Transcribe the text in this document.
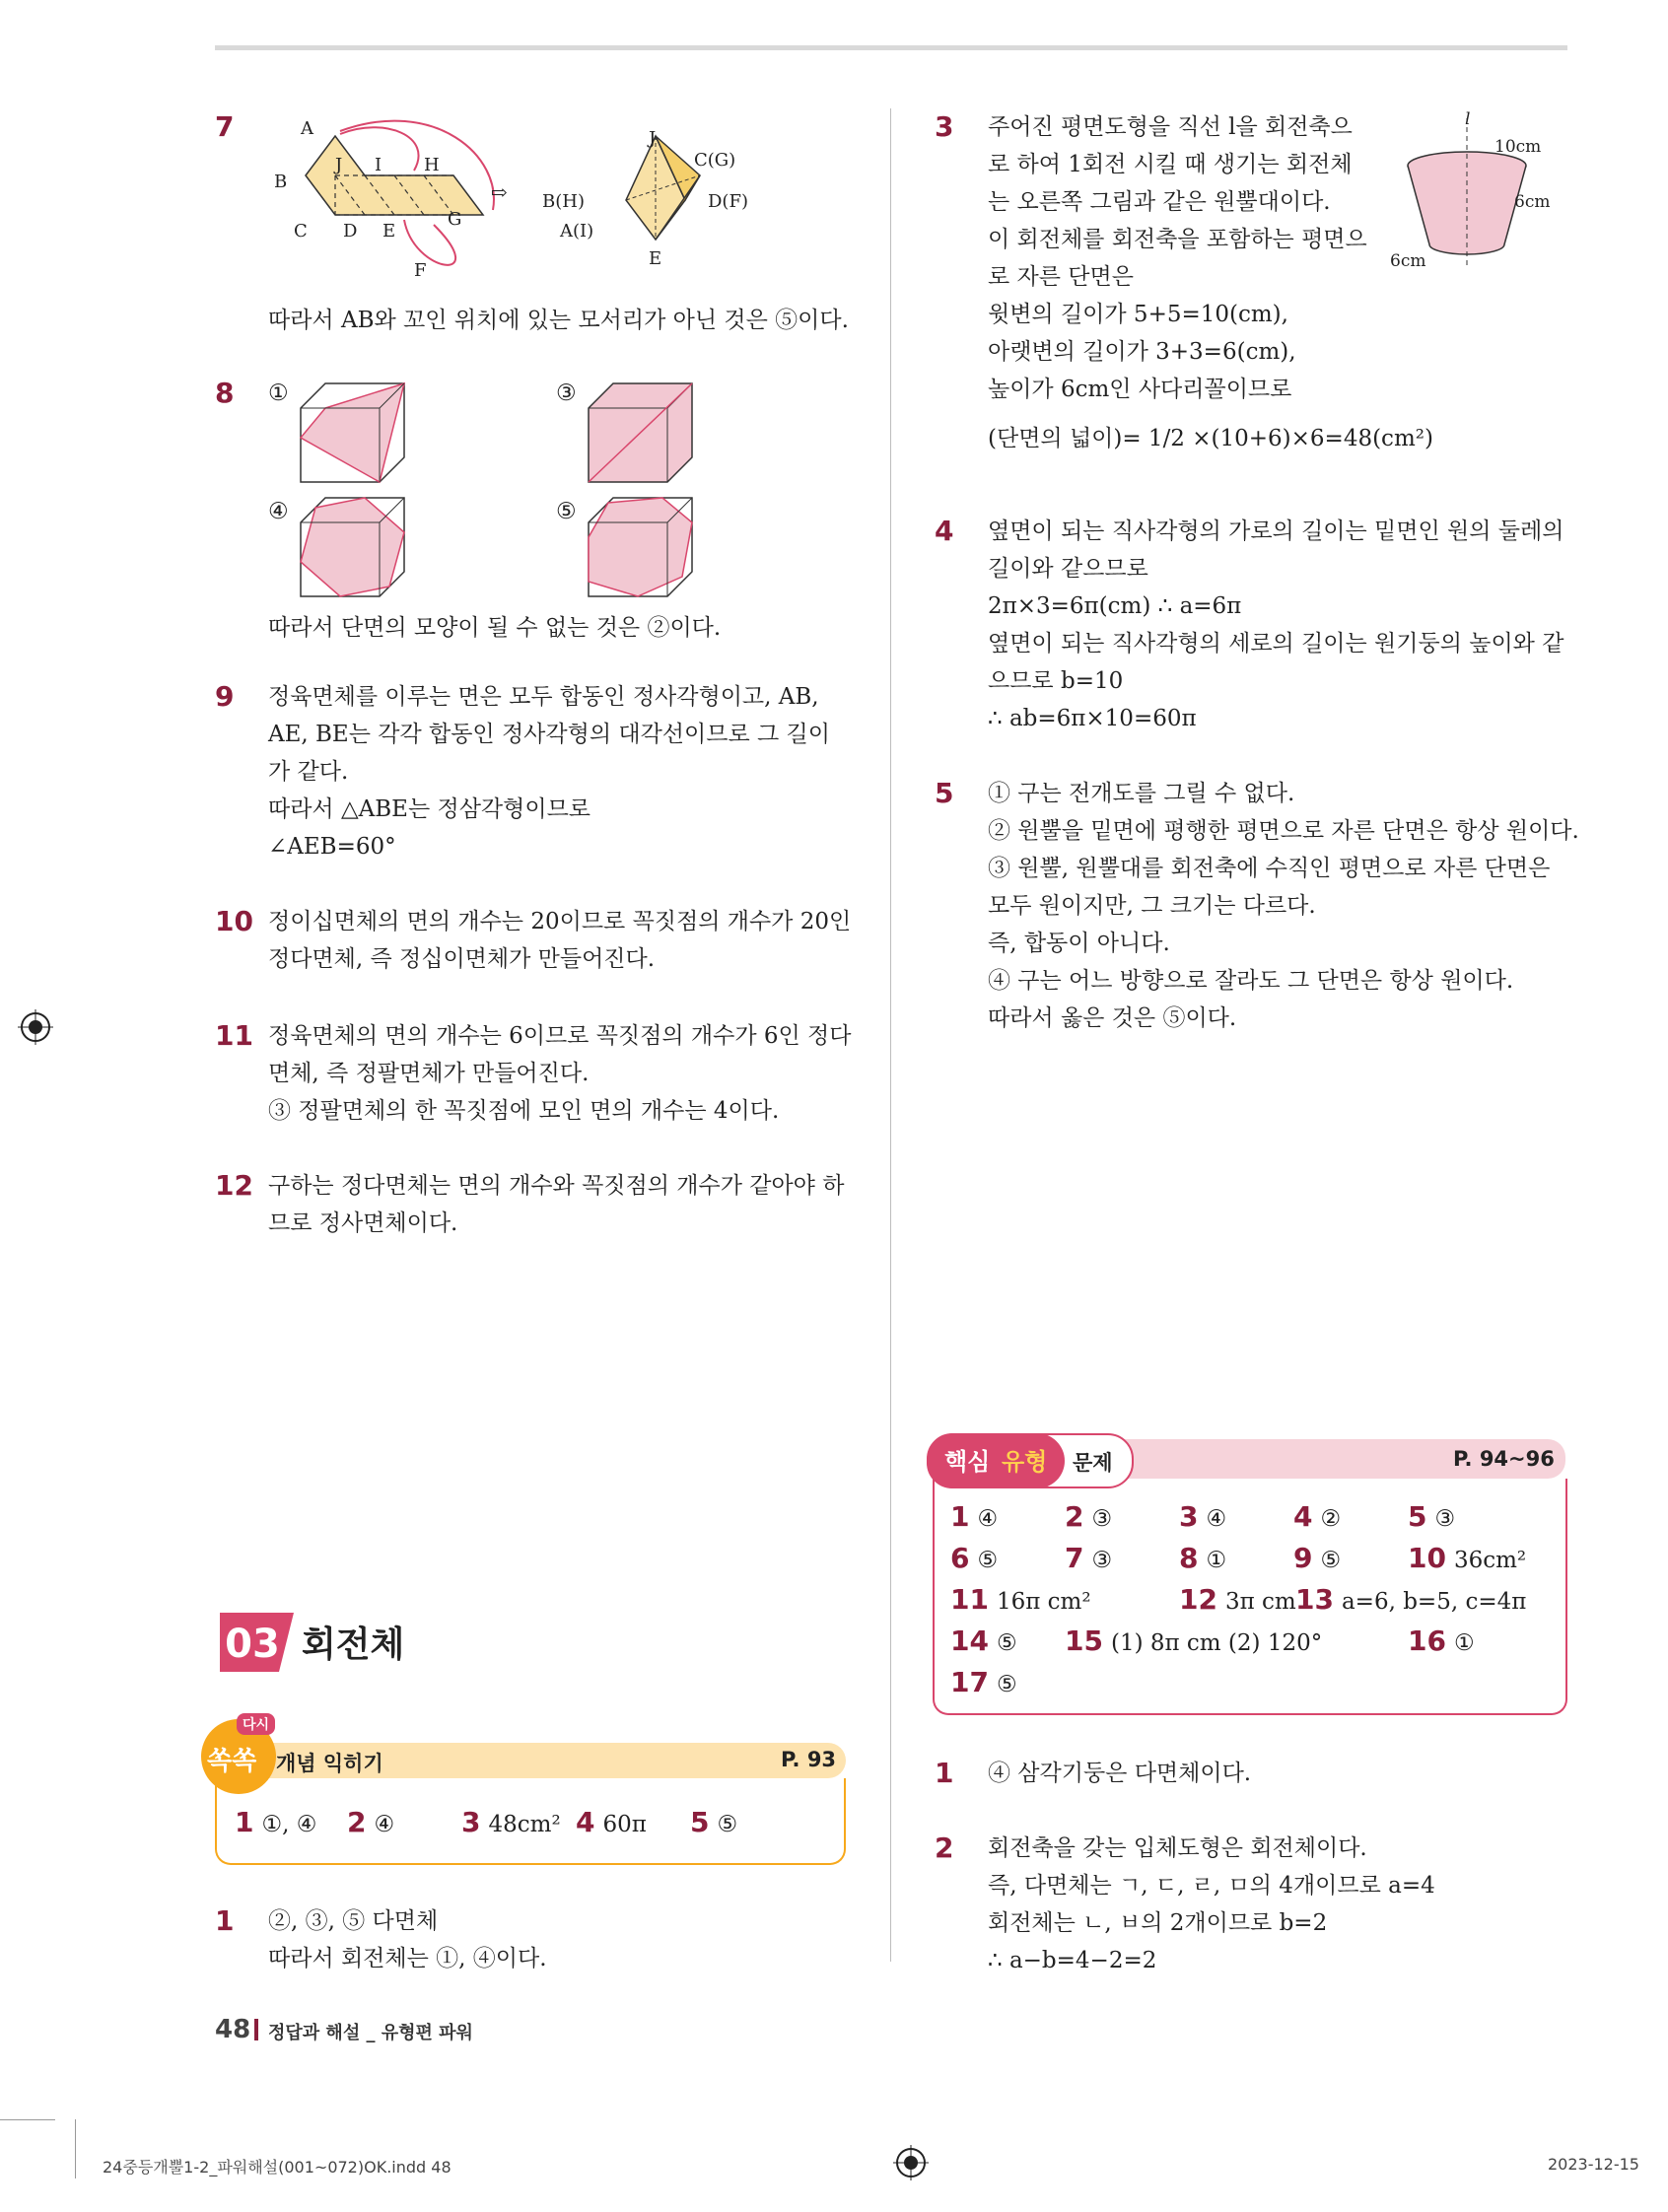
7	A
J I H
B
C D E
G
F
⇨
J
C(G)
B(H)	D(F)
A(I)
E
따라서 AB와 꼬인 위치에 있는 모서리가 아닌 것은 ⑤이다.
8 ①	③
④	⑤
따라서 단면의 모양이 될 수 없는 것은 ②이다.
9 정육면체를 이루는 면은 모두 합동인 정사각형이고, AB,
AE, BE는 각각 합동인 정사각형의 대각선이므로 그 길이
가 같다.
따라서 △ABE는 정삼각형이므로
∠AEB=60°
10 정이십면체의 면의 개수는 20이므로 꼭짓점의 개수가 20인
정다면체, 즉 정십이면체가 만들어진다.
11 정육면체의 면의 개수는 6이므로 꼭짓점의 개수가 6인 정다
면체, 즉 정팔면체가 만들어진다.
③ 정팔면체의 한 꼭짓점에 모인 면의 개수는 4이다.
12 구하는 정다면체는 면의 개수와 꼭짓점의 개수가 같아야 하
므로 정사면체이다.
03 회전체
다시
쏙쏙 개념 익히기	P. 93
1 ①, ④ 2 ④ 3 48cm² 4 60π 5 ⑤
1 ②, ③, ⑤ 다면체
따라서 회전체는 ①, ④이다.
3 주어진 평면도형을 직선 l을 회전축으
로 하여 1회전 시킬 때 생기는 회전체
는 오른쪽 그림과 같은 원뿔대이다.
이 회전체를 회전축을 포함하는 평면으
로 자른 단면은
윗변의 길이가 5+5=10(cm),
아랫변의 길이가 3+3=6(cm),
높이가 6cm인 사다리꼴이므로
(단면의 넓이)= 1/2 ×(10+6)×6=48(cm²)
l
10cm
6cm
6cm
4 옆면이 되는 직사각형의 가로의 길이는 밑면인 원의 둘레의
길이와 같으므로
2π×3=6π(cm) ∴ a=6π
옆면이 되는 직사각형의 세로의 길이는 원기둥의 높이와 같
으므로 b=10
∴ ab=6π×10=60π
5 ① 구는 전개도를 그릴 수 없다.
② 원뿔을 밑면에 평행한 평면으로 자른 단면은 항상 원이다.
③ 원뿔, 원뿔대를 회전축에 수직인 평면으로 자른 단면은
모두 원이지만, 그 크기는 다르다.
즉, 합동이 아니다.
④ 구는 어느 방향으로 잘라도 그 단면은 항상 원이다.
따라서 옳은 것은 ⑤이다.
핵심 유형 문제	P. 94~96
1 ④ 2 ③ 3 ④ 4 ② 5 ③
6 ⑤ 7 ③ 8 ① 9 ⑤ 10 36cm²
11 16π cm²	12 3π cm 13 a=6, b=5, c=4π
14 ⑤ 15 (1) 8π cm (2) 120°	16 ①
17 ⑤
1 ④ 삼각기둥은 다면체이다.
2 회전축을 갖는 입체도형은 회전체이다.
즉, 다면체는 ㄱ, ㄷ, ㄹ, ㅁ의 4개이므로 a=4
회전체는 ㄴ, ㅂ의 2개이므로 b=2
∴ a−b=4−2=2
48 정답과 해설 _ 유형편 파워
24중등개뿔1-2_파워해설(001~072)OK.indd 48	2023-12-15
